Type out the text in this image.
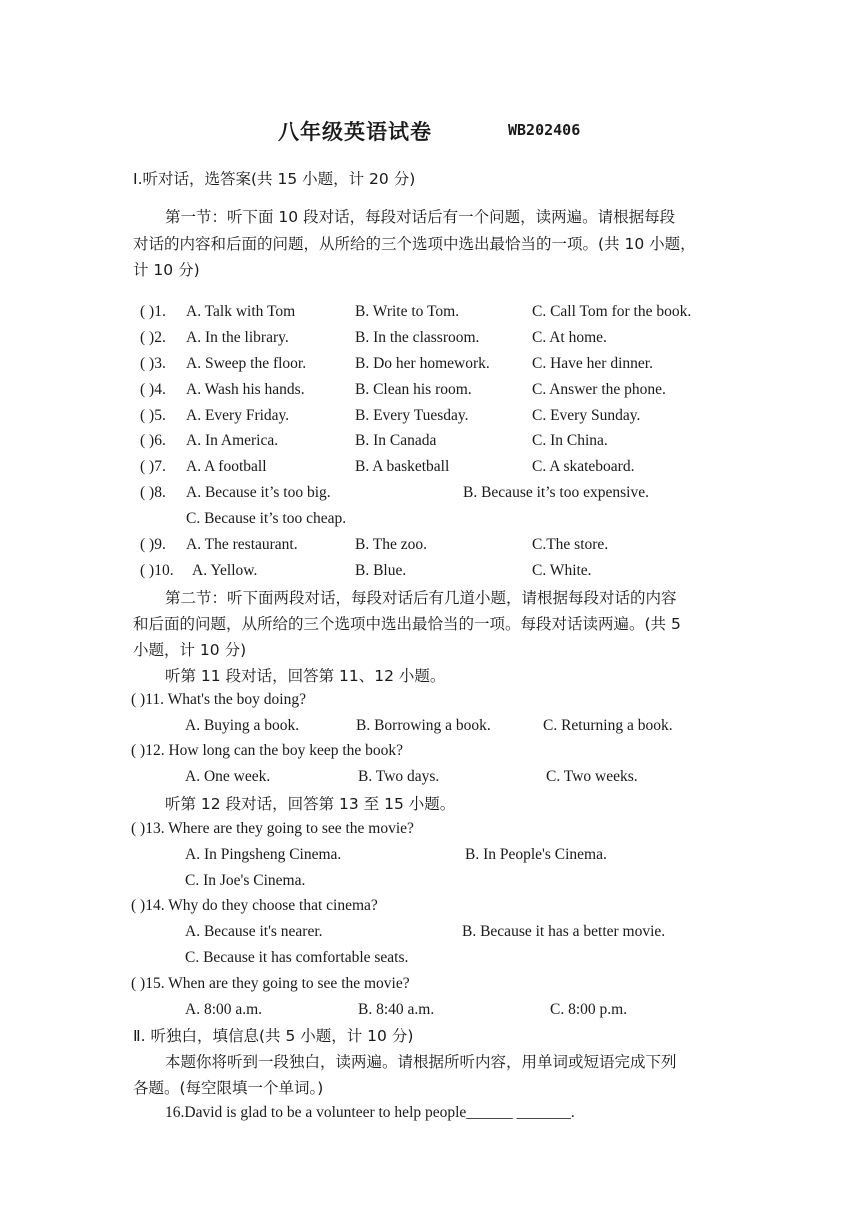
八年级英语试卷	WB202406
Ⅰ.听对话，选答案(共 15 小题，计 20 分)
第一节：听下面 10 段对话，每段对话后有一个问题，读两遍。请根据每段
对话的内容和后面的问题，从所给的三个选项中选出最恰当的一项。(共 10 小题，
计 10 分)
( )1. A. Talk with Tom	B. Write to Tom.	C. Call Tom for the book.
( )2. A. In the library.	B. In the classroom.	C. At home.
( )3. A. Sweep the floor.	B. Do her homework.	C. Have her dinner.
( )4. A. Wash his hands.	B. Clean his room.	C. Answer the phone.
( )5. A. Every Friday.	B. Every Tuesday.	C. Every Sunday.
( )6. A. In America.	B. In Canada	C. In China.
( )7. A. A football	B. A basketball	C. A skateboard.
( )8. A. Because it’s too big.	B. Because it’s too expensive.
C. Because it’s too cheap.
( )9. A. The restaurant.	B. The zoo.	C.The store.
( )10. A. Yellow.	B. Blue.	C. White.
第二节：听下面两段对话，每段对话后有几道小题，请根据每段对话的内容
和后面的问题，从所给的三个选项中选出最恰当的一项。每段对话读两遍。(共 5
小题，计 10 分)
听第 11 段对话，回答第 11、12 小题。
( )11. What's the boy doing?
A. Buying a book.	B. Borrowing a book.	C. Returning a book.
( )12. How long can the boy keep the book?
A. One week.	B. Two days.	C. Two weeks.
听第 12 段对话，回答第 13 至 15 小题。
( )13. Where are they going to see the movie?
A. In Pingsheng Cinema.	B. In People's Cinema.
C. In Joe's Cinema.
( )14. Why do they choose that cinema?
A. Because it's nearer.	B. Because it has a better movie.
C. Because it has comfortable seats.
( )15. When are they going to see the movie?
A. 8:00 a.m.	B. 8:40 a.m.	C. 8:00 p.m.
Ⅱ. 听独白，填信息(共 5 小题，计 10 分)
本题你将听到一段独白，读两遍。请根据所听内容，用单词或短语完成下列
各题。(每空限填一个单词。)
16.David is glad to be a volunteer to help people______ _______.
